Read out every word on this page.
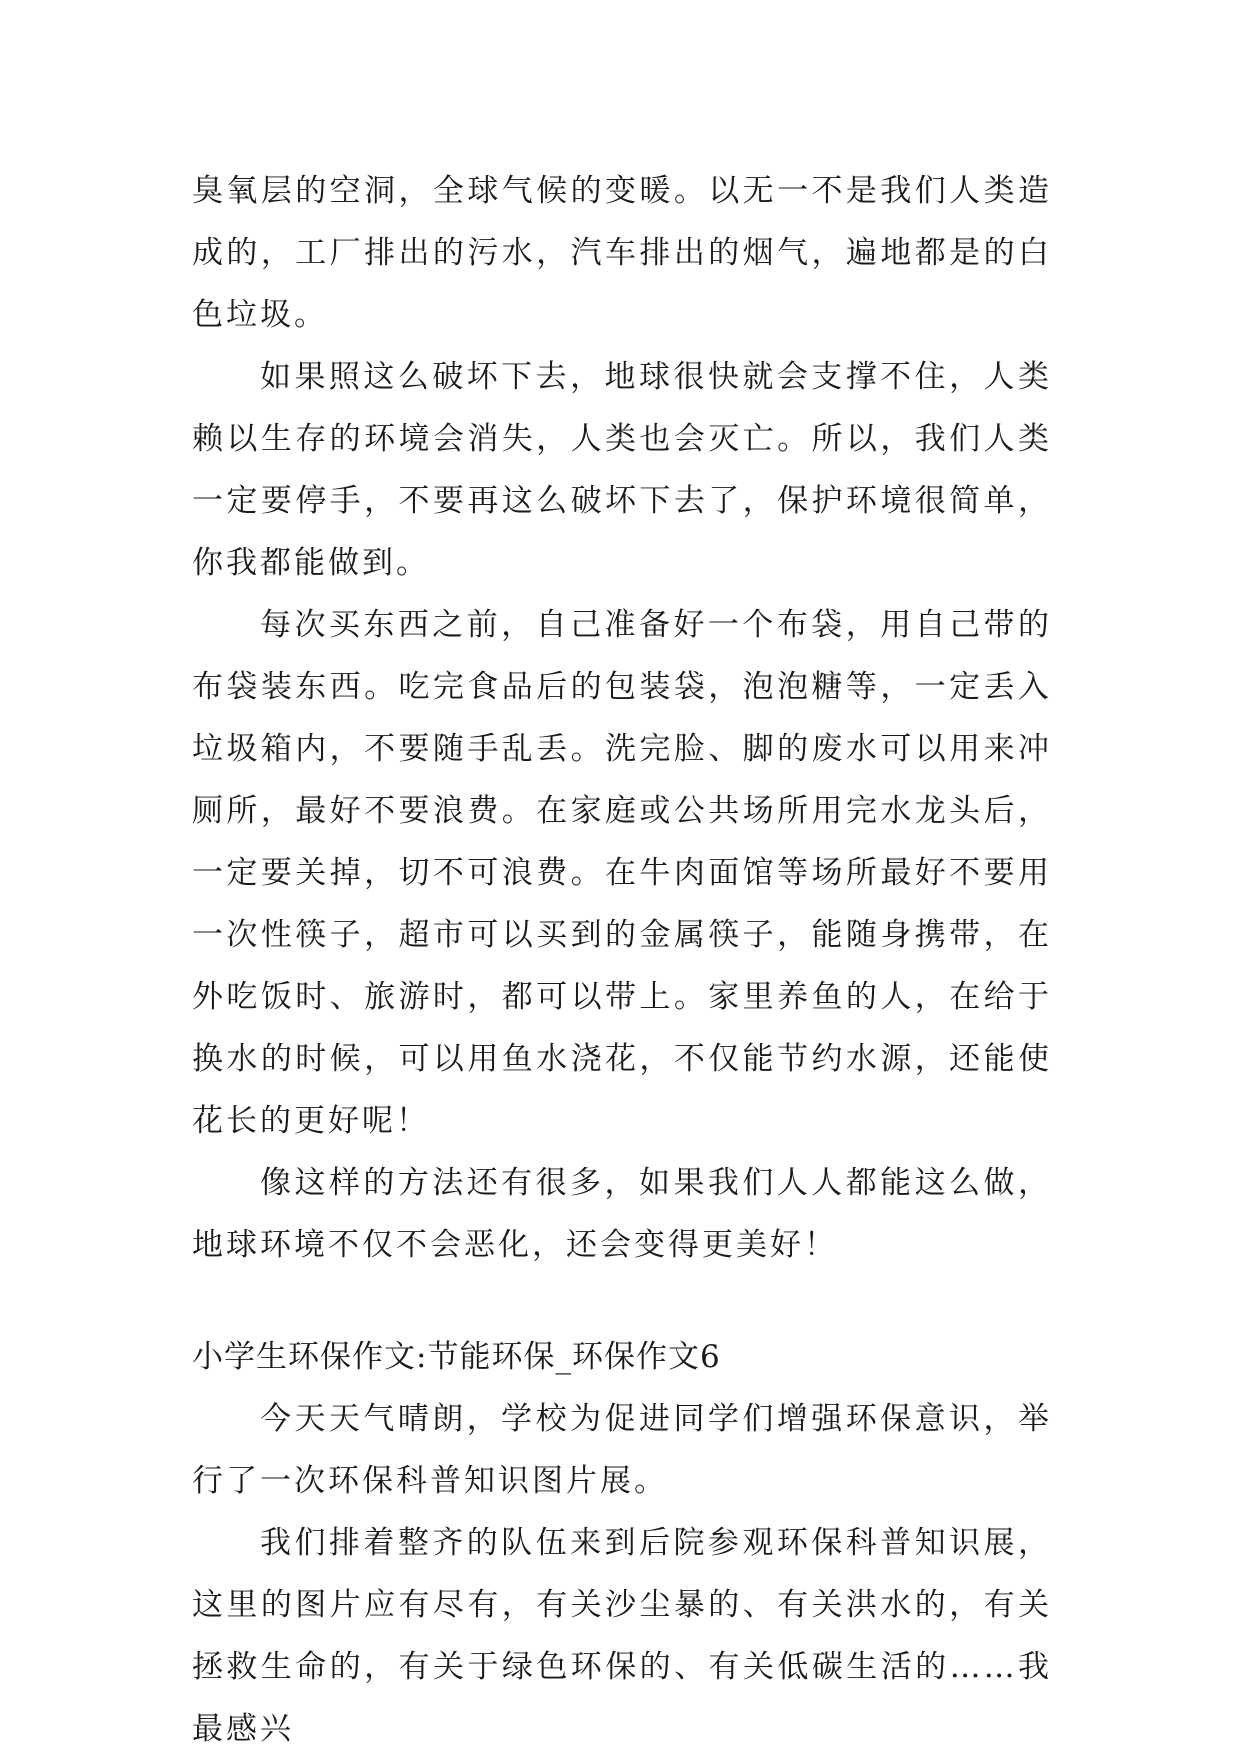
臭氧层的空洞，全球气候的变暖。以无一不是我们人类造成的，工厂排出的污水，汽车排出的烟气，遍地都是的白色垃圾。

如果照这么破坏下去，地球很快就会支撑不住，人类赖以生存的环境会消失，人类也会灭亡。所以，我们人类一定要停手，不要再这么破坏下去了，保护环境很简单，你我都能做到。

每次买东西之前，自己准备好一个布袋，用自己带的布袋装东西。吃完食品后的包装袋，泡泡糖等，一定丢入垃圾箱内，不要随手乱丢。洗完脸、脚的废水可以用来冲厕所，最好不要浪费。在家庭或公共场所用完水龙头后，一定要关掉，切不可浪费。在牛肉面馆等场所最好不要用一次性筷子，超市可以买到的金属筷子，能随身携带，在外吃饭时、旅游时，都可以带上。家里养鱼的人，在给于换水的时候，可以用鱼水浇花，不仅能节约水源，还能使花长的更好呢！

像这样的方法还有很多，如果我们人人都能这么做，地球环境不仅不会恶化，还会变得更美好！

小学生环保作文:节能环保_环保作文6

今天天气晴朗，学校为促进同学们增强环保意识，举行了一次环保科普知识图片展。

我们排着整齐的队伍来到后院参观环保科普知识展，这里的图片应有尽有，有关沙尘暴的、有关洪水的，有关拯救生命的，有关于绿色环保的、有关低碳生活的……我最感兴
